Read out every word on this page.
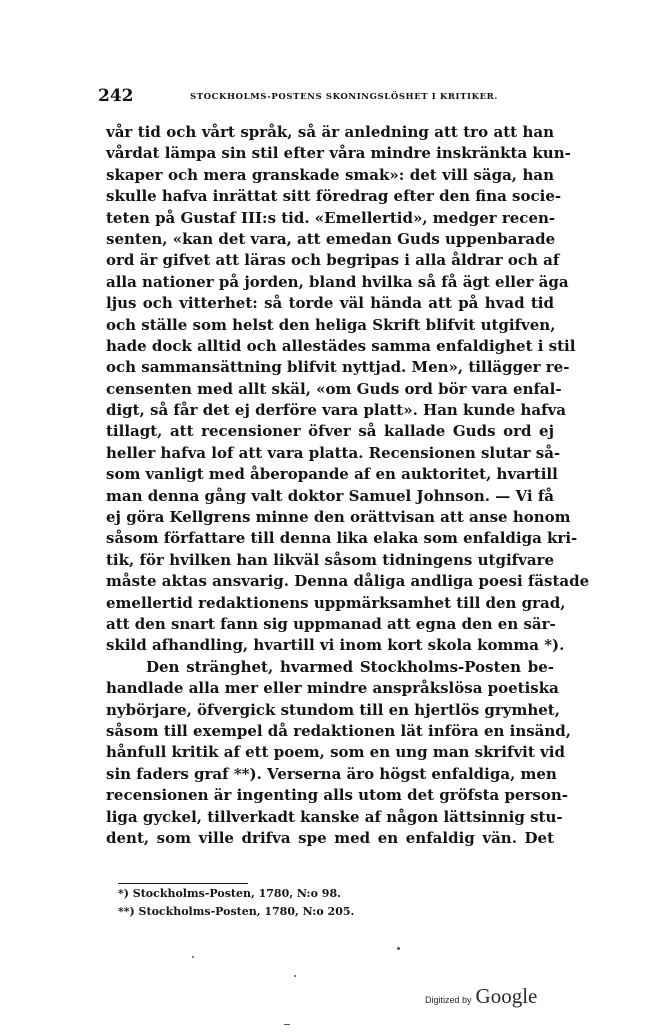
242	STOCKHOLMS-POSTENS SKONINGSLÖSHET I KRITIKER.
vår tid och vårt språk, så är anledning att tro att han
vårdat lämpa sin stil efter våra mindre inskränkta kun-
skaper och mera granskade smak»: det vill säga, han
skulle hafva inrättat sitt föredrag efter den fina socie-
teten på Gustaf III:s tid. «Emellertid», medger recen-
senten, «kan det vara, att emedan Guds uppenbarade
ord är gifvet att läras och begripas i alla åldrar och af
alla nationer på jorden, bland hvilka så få ägt eller äga
ljus och vitterhet: så torde väl hända att på hvad tid
och ställe som helst den heliga Skrift blifvit utgifven,
hade dock alltid och allestädes samma enfaldighet i stil
och sammansättning blifvit nyttjad. Men», tillägger re-
censenten med allt skäl, «om Guds ord bör vara enfal-
digt, så får det ej derföre vara platt». Han kunde hafva
tillagt, att recensioner öfver så kallade Guds ord ej
heller hafva lof att vara platta. Recensionen slutar så-
som vanligt med åberopande af en auktoritet, hvartill
man denna gång valt doktor Samuel Johnson. — Vi få
ej göra Kellgrens minne den orättvisan att anse honom
såsom författare till denna lika elaka som enfaldiga kri-
tik, för hvilken han likväl såsom tidningens utgifvare
måste aktas ansvarig. Denna dåliga andliga poesi fästade
emellertid redaktionens uppmärksamhet till den grad,
att den snart fann sig uppmanad att egna den en sär-
skild afhandling, hvartill vi inom kort skola komma *).
Den stränghet, hvarmed Stockholms-Posten be-
handlade alla mer eller mindre anspråkslösa poetiska
nybörjare, öfvergick stundom till en hjertlös grymhet,
såsom till exempel då redaktionen lät införa en insänd,
hånfull kritik af ett poem, som en ung man skrifvit vid
sin faders graf **). Verserna äro högst enfaldiga, men
recensionen är ingenting alls utom det gröfsta person-
liga gyckel, tillverkadt kanske af någon lättsinnig stu-
dent, som ville drifva spe med en enfaldig vän. Det
*) Stockholms-Posten, 1780, N:o 98.
**) Stockholms-Posten, 1780, N:o 205.
Digitized by Google
